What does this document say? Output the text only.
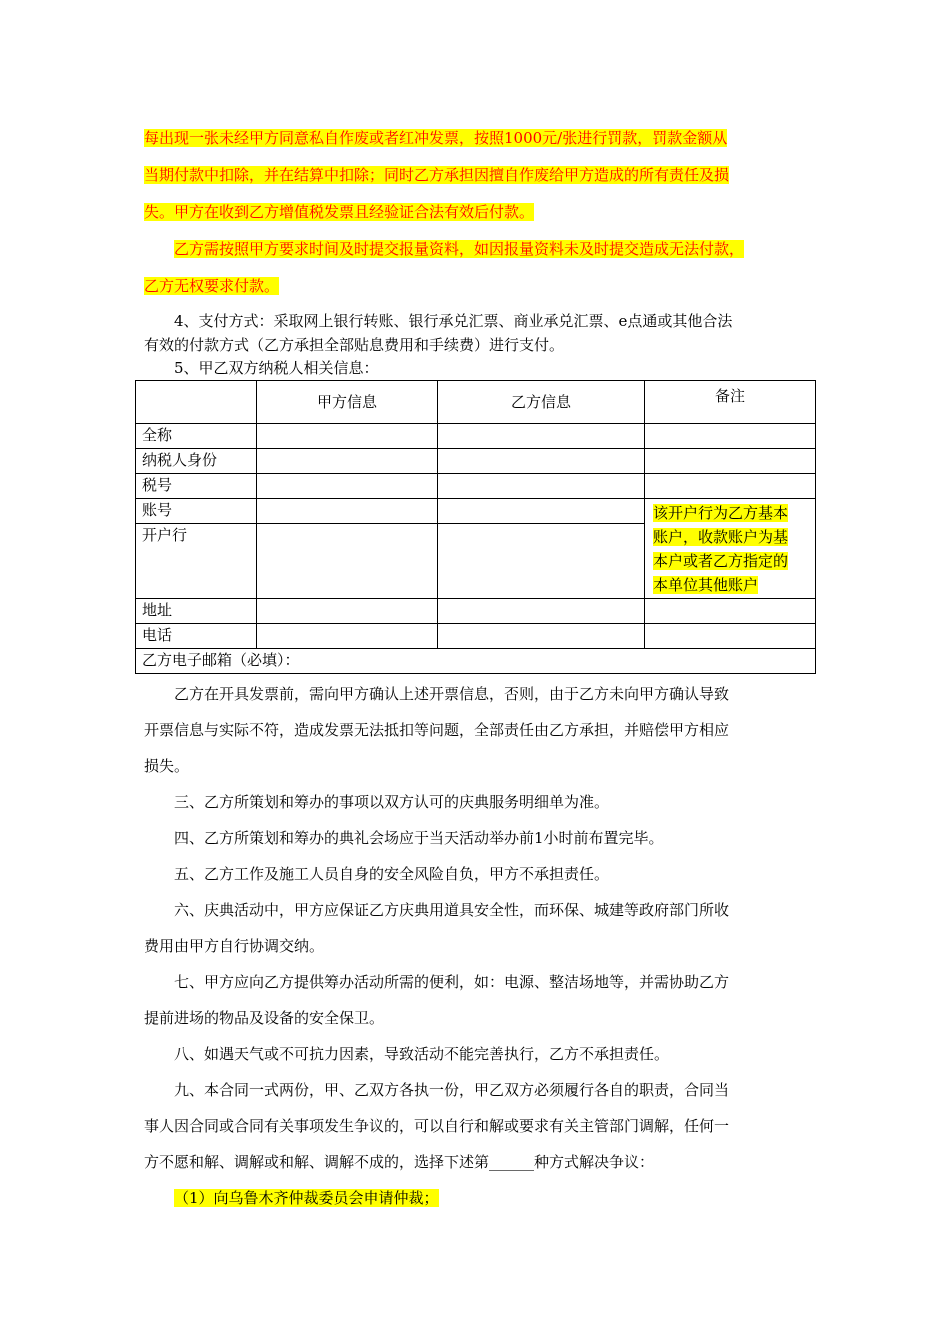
每出现一张未经甲方同意私自作废或者红冲发票，按照1000元/张进行罚款，罚款金额从

当期付款中扣除，并在结算中扣除；同时乙方承担因擅自作废给甲方造成的所有责任及损

失。甲方在收到乙方增值税发票且经验证合法有效后付款。

乙方需按照甲方要求时间及时提交报量资料，如因报量资料未及时提交造成无法付款，

乙方无权要求付款。

4、支付方式：采取网上银行转账、银行承兑汇票、商业承兑汇票、e点通或其他合法

有效的付款方式（乙方承担全部贴息费用和手续费）进行支付。

5、甲乙双方纳税人相关信息：

	甲方信息	乙方信息	备注
全称			
纳税人身份			
税号			
账号			该开户行为乙方基本
账户，收款账户为基
本户或者乙方指定的
本单位其他账户

开户行			
地址			
电话			
乙方电子邮箱（必填）：			

乙方在开具发票前，需向甲方确认上述开票信息，否则，由于乙方未向甲方确认导致

开票信息与实际不符，造成发票无法抵扣等问题，全部责任由乙方承担，并赔偿甲方相应

损失。

三、乙方所策划和筹办的事项以双方认可的庆典服务明细单为准。

四、乙方所策划和筹办的典礼会场应于当天活动举办前1小时前布置完毕。

五、乙方工作及施工人员自身的安全风险自负，甲方不承担责任。

六、庆典活动中，甲方应保证乙方庆典用道具安全性，而环保、城建等政府部门所收

费用由甲方自行协调交纳。

七、甲方应向乙方提供筹办活动所需的便利，如：电源、整洁场地等，并需协助乙方

提前进场的物品及设备的安全保卫。

八、如遇天气或不可抗力因素，导致活动不能完善执行，乙方不承担责任。

九、本合同一式两份，甲、乙双方各执一份，甲乙双方必须履行各自的职责，合同当

事人因合同或合同有关事项发生争议的，可以自行和解或要求有关主管部门调解，任何一

方不愿和解、调解或和解、调解不成的，选择下述第______种方式解决争议：

（1）向乌鲁木齐仲裁委员会申请仲裁；
